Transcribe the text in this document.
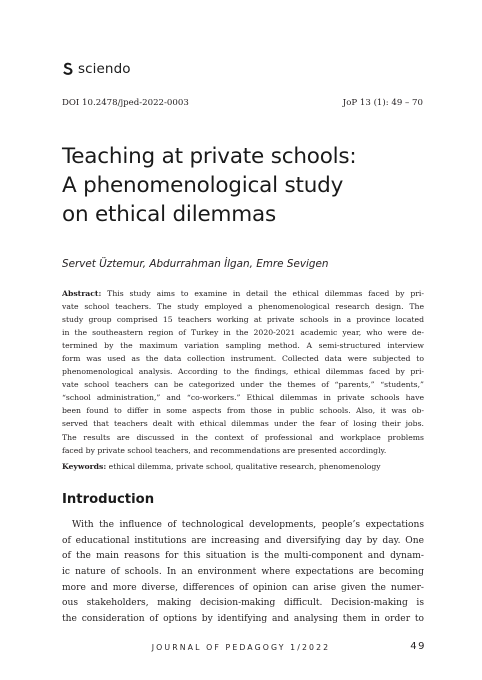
sciendo
DOI 10.2478/jped-2022-0003	JoP 13 (1): 49 – 70
Teaching at private schools:
A phenomenological study
on ethical dilemmas
Servet Üztemur, Abdurrahman İlgan, Emre Sevigen
Abstract: This study aims to examine in detail the ethical dilemmas faced by pri-
vate school teachers. The study employed a phenomenological research design. The
study group comprised 15 teachers working at private schools in a province located
in the southeastern region of Turkey in the 2020-2021 academic year, who were de-
termined by the maximum variation sampling method. A semi-structured interview
form was used as the data collection instrument. Collected data were subjected to
phenomenological analysis. According to the findings, ethical dilemmas faced by pri-
vate school teachers can be categorized under the themes of “parents,” “students,”
“school administration,” and “co-workers.” Ethical dilemmas in private schools have
been found to differ in some aspects from those in public schools. Also, it was ob-
served that teachers dealt with ethical dilemmas under the fear of losing their jobs.
The results are discussed in the context of professional and workplace problems
faced by private school teachers, and recommendations are presented accordingly.
Keywords: ethical dilemma, private school, qualitative research, phenomenology
Introduction
With the influence of technological developments, people’s expectations
of educational institutions are increasing and diversifying day by day. One
of the main reasons for this situation is the multi-component and dynam-
ic nature of schools. In an environment where expectations are becoming
more and more diverse, differences of opinion can arise given the numer-
ous stakeholders, making decision-making difficult. Decision-making is
the consideration of options by identifying and analysing them in order to
JOURNAL OF PEDAGOGY 1/2022	49
